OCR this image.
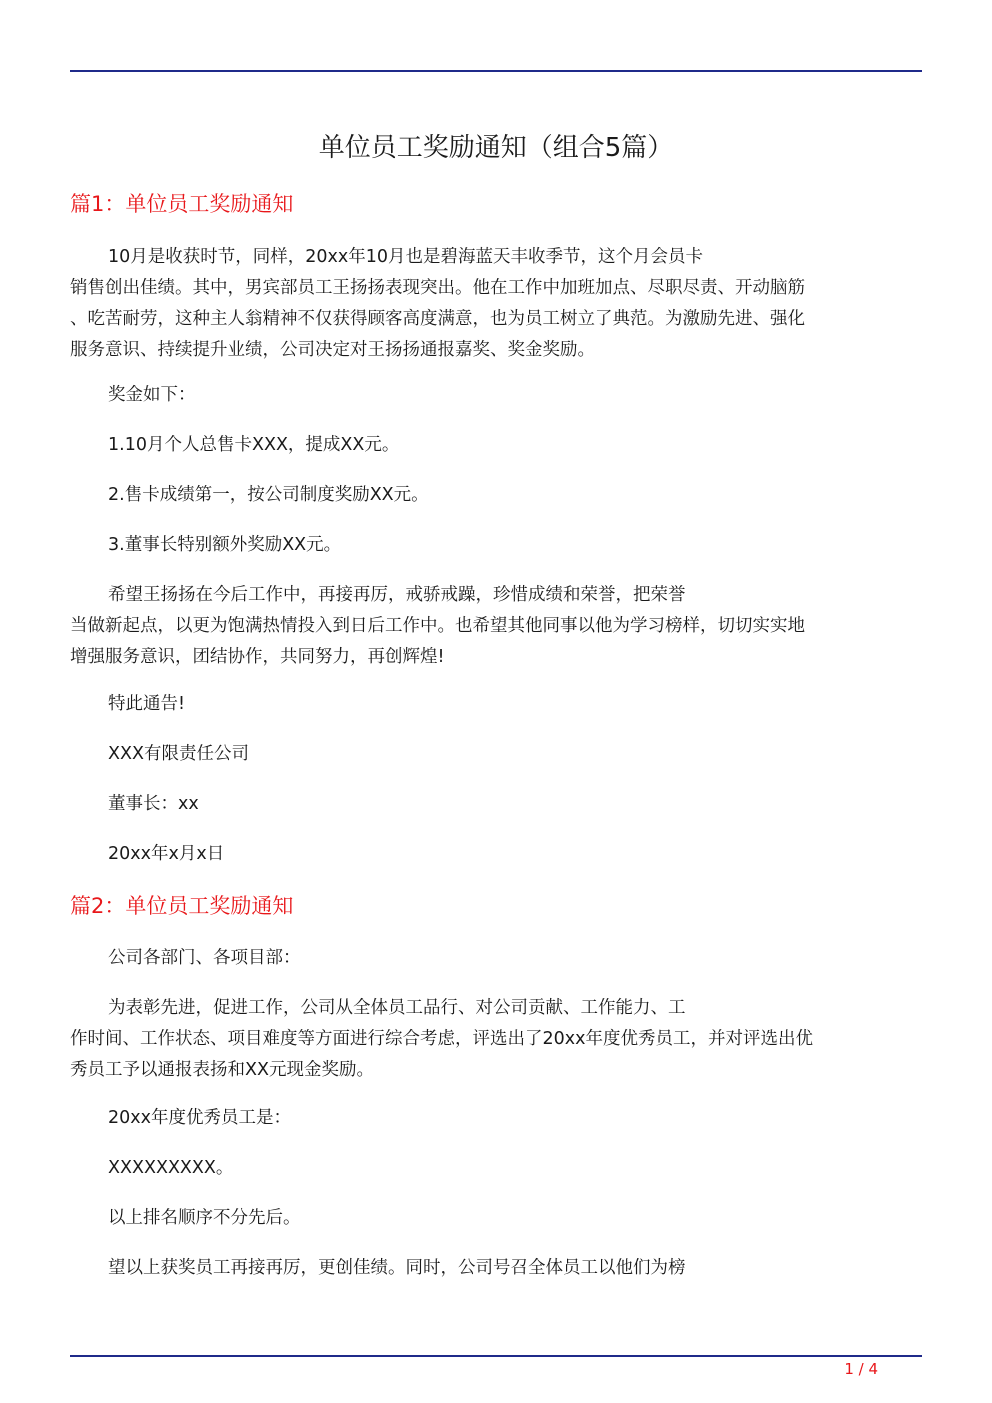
单位员工奖励通知（组合5篇）
篇1：单位员工奖励通知

10月是收获时节，同样，20xx年10月也是碧海蓝天丰收季节，这个月会员卡
销售创出佳绩。其中，男宾部员工王扬扬表现突出。他在工作中加班加点、尽职尽责、开动脑筋
、吃苦耐劳，这种主人翁精神不仅获得顾客高度满意，也为员工树立了典范。为激励先进、强化
服务意识、持续提升业绩，公司决定对王扬扬通报嘉奖、奖金奖励。

奖金如下：

1.10月个人总售卡XXX，提成XX元。

2.售卡成绩第一，按公司制度奖励XX元。

3.董事长特别额外奖励XX元。

希望王扬扬在今后工作中，再接再厉，戒骄戒躁，珍惜成绩和荣誉，把荣誉
当做新起点，以更为饱满热情投入到日后工作中。也希望其他同事以他为学习榜样，切切实实地
增强服务意识，团结协作，共同努力，再创辉煌!

特此通告!

XXX有限责任公司

董事长：xx

20xx年x月x日

篇2：单位员工奖励通知

公司各部门、各项目部：

为表彰先进，促进工作，公司从全体员工品行、对公司贡献、工作能力、工
作时间、工作状态、项目难度等方面进行综合考虑，评选出了20xx年度优秀员工，并对评选出优
秀员工予以通报表扬和XX元现金奖励。

20xx年度优秀员工是：

XXXXXXXXX。

以上排名顺序不分先后。

望以上获奖员工再接再厉，更创佳绩。同时，公司号召全体员工以他们为榜

1 / 4
